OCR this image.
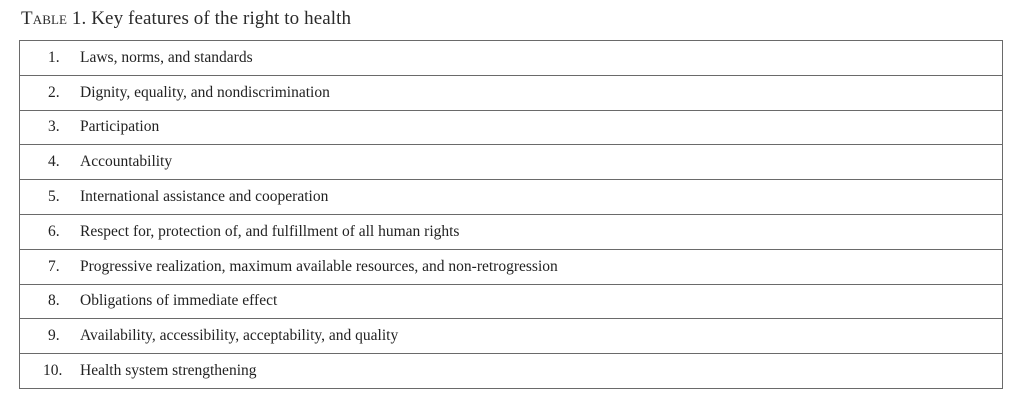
Table 1. Key features of the right to health
1. Laws, norms, and standards
2. Dignity, equality, and nondiscrimination
3. Participation
4. Accountability
5. International assistance and cooperation
6. Respect for, protection of, and fulfillment of all human rights
7. Progressive realization, maximum available resources, and non-retrogression
8. Obligations of immediate effect
9. Availability, accessibility, acceptability, and quality
10. Health system strengthening
